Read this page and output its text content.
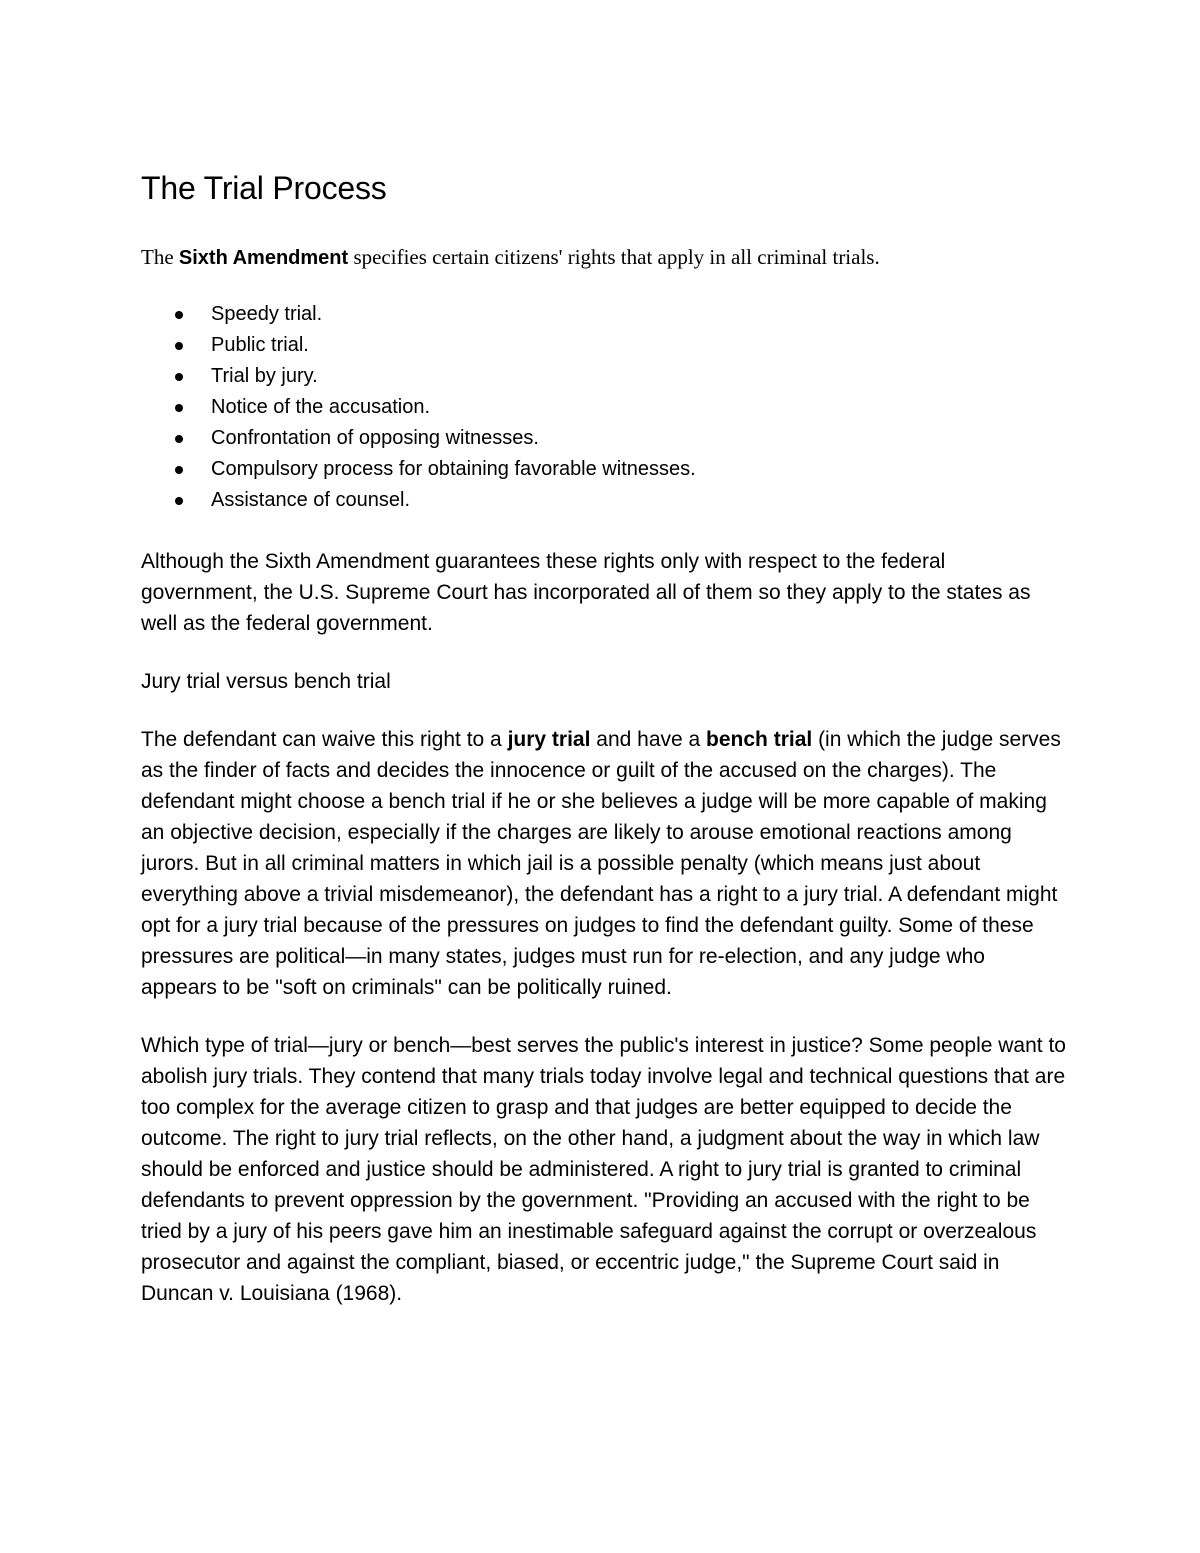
The Trial Process

The Sixth Amendment specifies certain citizens' rights that apply in all criminal trials.

Speedy trial.
Public trial.
Trial by jury.
Notice of the accusation.
Confrontation of opposing witnesses.
Compulsory process for obtaining favorable witnesses.
Assistance of counsel.

Although the Sixth Amendment guarantees these rights only with respect to the federal government, the U.S. Supreme Court has incorporated all of them so they apply to the states as well as the federal government.

Jury trial versus bench trial

The defendant can waive this right to a jury trial and have a bench trial (in which the judge serves as the finder of facts and decides the innocence or guilt of the accused on the charges). The defendant might choose a bench trial if he or she believes a judge will be more capable of making an objective decision, especially if the charges are likely to arouse emotional reactions among jurors. But in all criminal matters in which jail is a possible penalty (which means just about everything above a trivial misdemeanor), the defendant has a right to a jury trial. A defendant might opt for a jury trial because of the pressures on judges to find the defendant guilty. Some of these pressures are political—in many states, judges must run for re-election, and any judge who appears to be "soft on criminals" can be politically ruined.

Which type of trial—jury or bench—best serves the public's interest in justice? Some people want to abolish jury trials. They contend that many trials today involve legal and technical questions that are too complex for the average citizen to grasp and that judges are better equipped to decide the outcome. The right to jury trial reflects, on the other hand, a judgment about the way in which law should be enforced and justice should be administered. A right to jury trial is granted to criminal defendants to prevent oppression by the government. "Providing an accused with the right to be tried by a jury of his peers gave him an inestimable safeguard against the corrupt or overzealous prosecutor and against the compliant, biased, or eccentric judge," the Supreme Court said in Duncan v. Louisiana (1968).
